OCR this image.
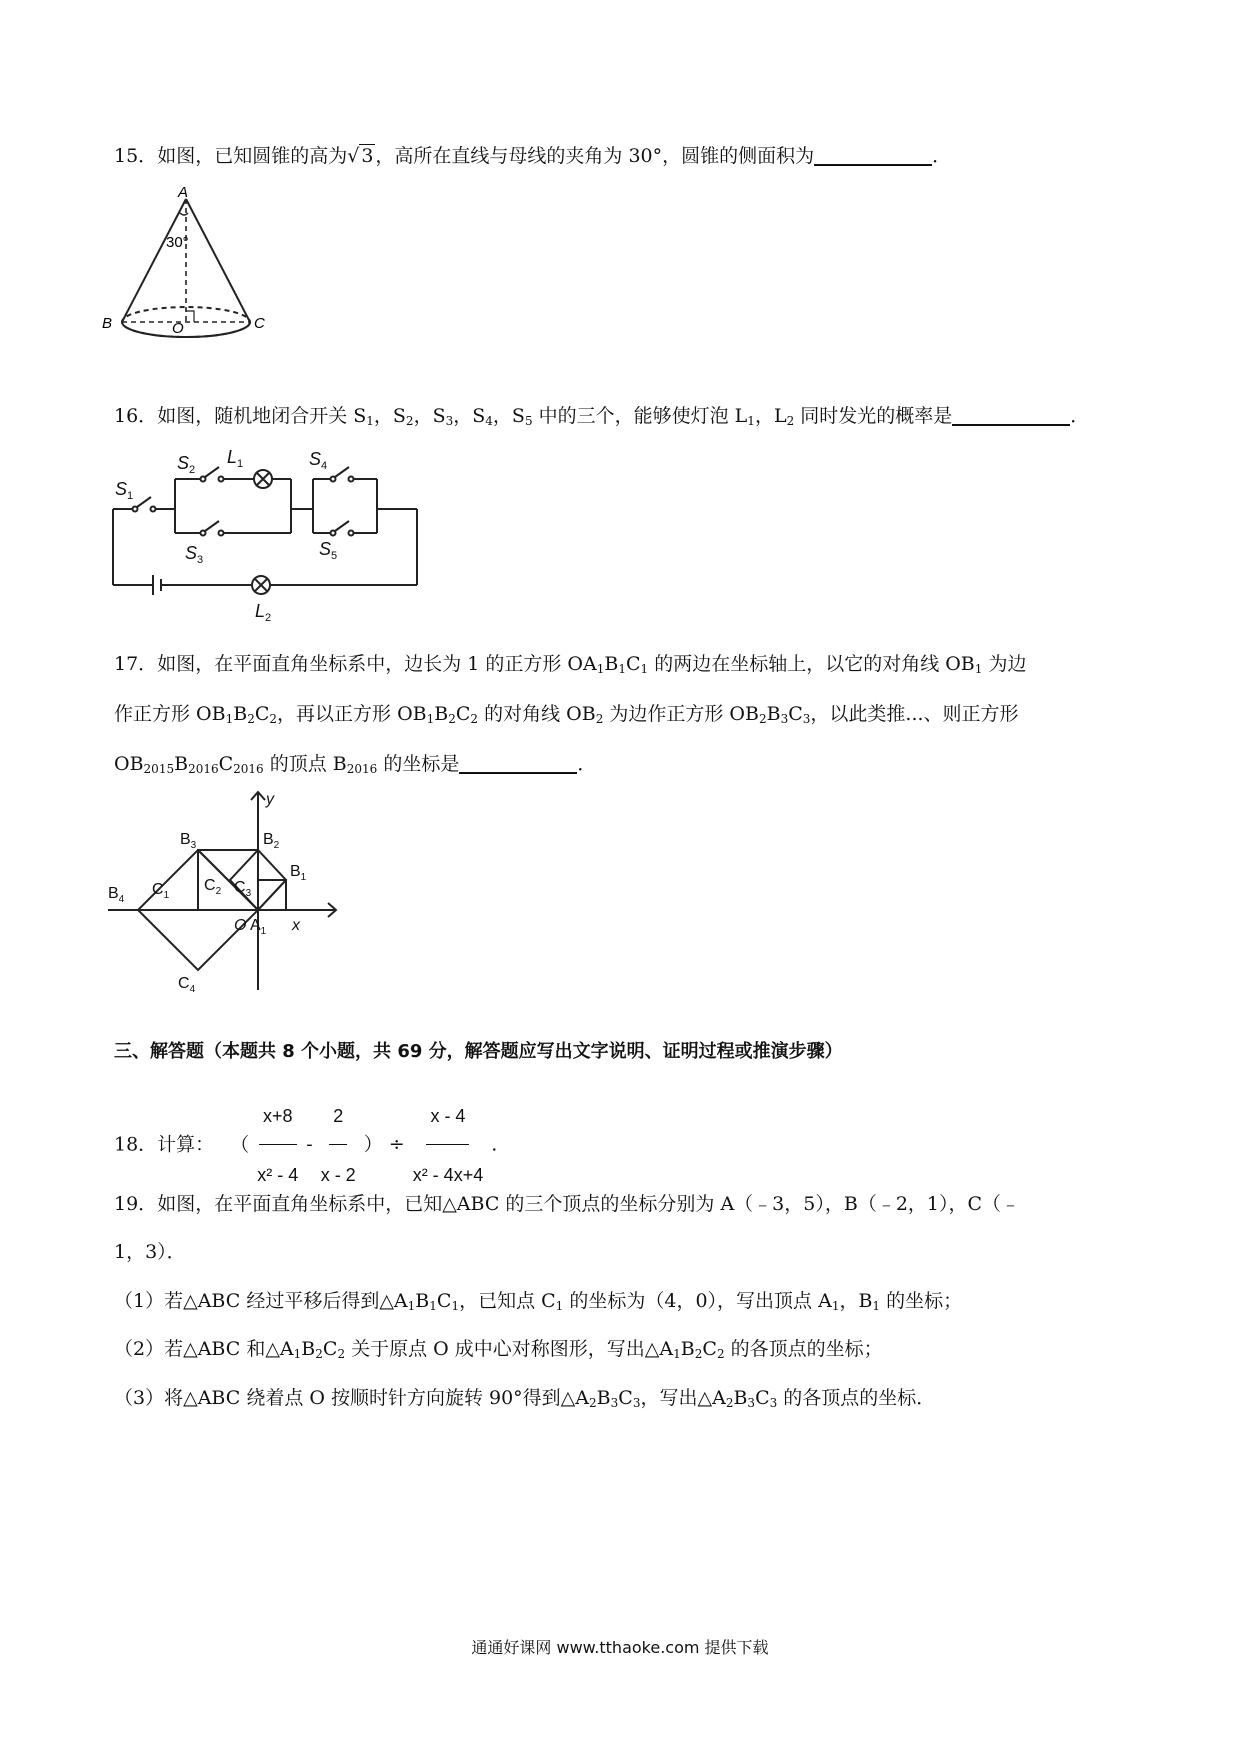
15．如图，已知圆锥的高为√ 3 ，高所在直线与母线的夹角为 30°，圆锥的侧面积为	．
A
30°
B	O	C
16．如图，随机地闭合开关 $S_1$，$S_2$，$S_3$，$S_4$，$S_5$ 中的三个，能够使灯泡 $L_1$，$L_2$ 同时发光的概率是	．
S 1
S 2
L 1
S 3
S 4
S 5
L 2
17．如图，在平面直角坐标系中，边长为 1 的正方形 $OA_1B_1C_1$ 的两边在坐标轴上，以它的对角线 $OB_1$ 为边
作正方形 $OB_1B_2C_2$，再以正方形 $OB_1B_2C_2$ 的对角线 $OB_2$ 为边作正方形 $OB_2B_3C_3$，以此类推...、则正方形
$OB_{2015}B_{2016}C_{2016}$ 的顶点 $B_{2016}$ 的坐标是	．
$B_3$	$B_2$
$B_1$
$B_4$
$C_1$
$C_2$ $C_3$
$C_4$
O $A_1$ x
y
三、解答题（本题共 8 个小题，共 69 分，解答题应写出文字说明、证明过程或推演步骤）
18．计算： （ $\frac{x+8}{\text{x² - 4}} - \frac{2}{x - 2}$ ） ÷ $\frac{x - 4}{\text{x² - 4x+4}}$ .
19．如图，在平面直角坐标系中，已知△ABC 的三个顶点的坐标分别为 A（﹣3，5），B（﹣2，1），C（﹣
1，3）．
（1）若△ABC 经过平移后得到$\triangle A_1B_1C_1$，已知点 $C_1$ 的坐标为（4，0），写出顶点 $A_1$，$B_1$ 的坐标；
（2）若△ABC 和$\triangle A_1B_2C_2$ 关于原点 O 成中心对称图形，写出$\triangle A_1B_2C_2$ 的各顶点的坐标；
（3）将△ABC 绕着点 O 按顺时针方向旋转 90°得到$\triangle A_2B_3C_3$，写出$\triangle A_2B_3C_3$ 的各顶点的坐标．
通通好课网 www.tthaoke.com 提供下载
